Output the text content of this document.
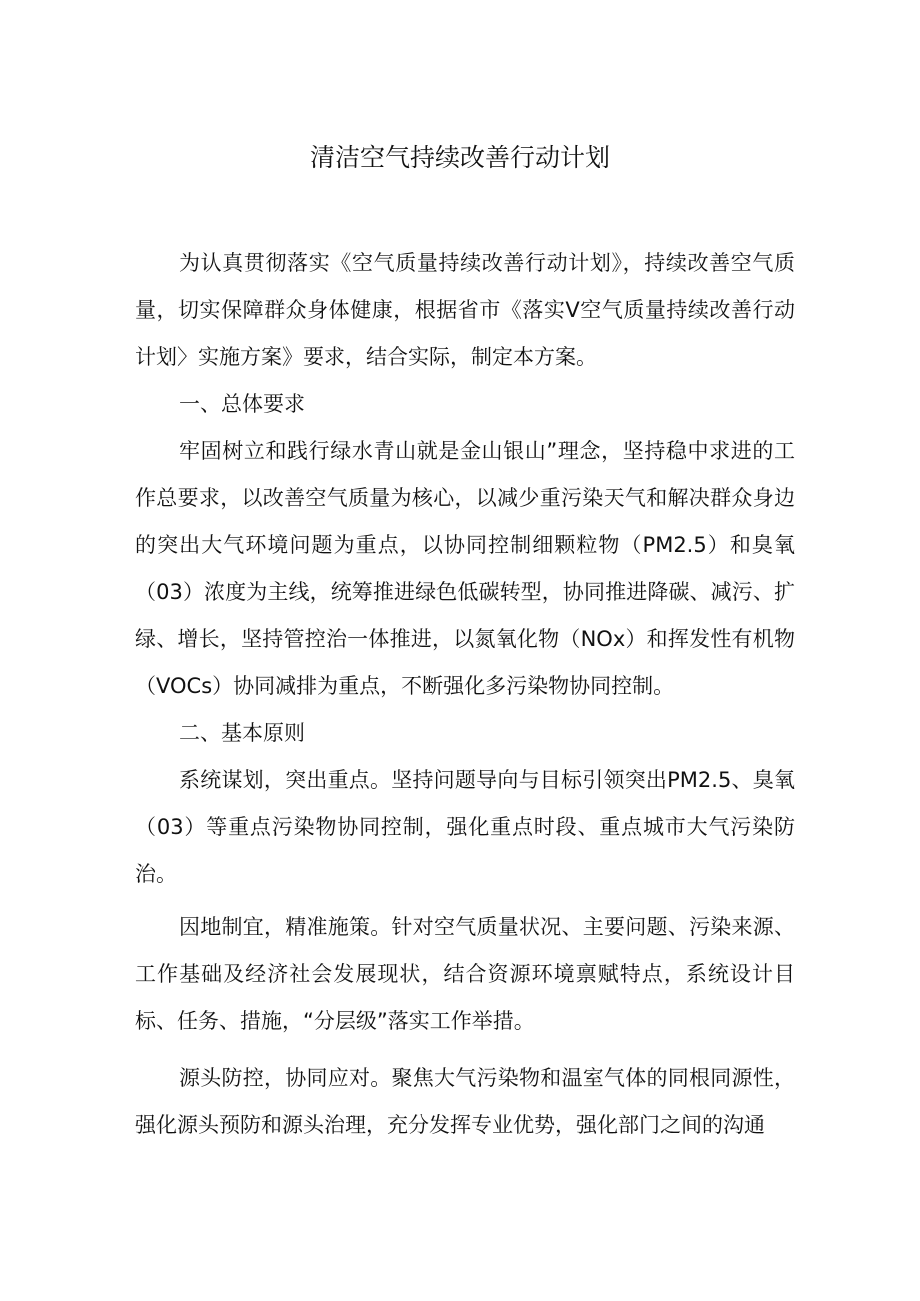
清洁空气持续改善行动计划

为认真贯彻落实《空气质量持续改善行动计划》，持续改善空气质量，切实保障群众身体健康，根据省市《落实V空气质量持续改善行动计划〉实施方案》要求，结合实际，制定本方案。

一、总体要求

牢固树立和践行绿水青山就是金山银山”理念，坚持稳中求进的工作总要求，以改善空气质量为核心，以减少重污染天气和解决群众身边的突出大气环境问题为重点，以协同控制细颗粒物（PM2.5）和臭氧（03）浓度为主线，统筹推进绿色低碳转型，协同推进降碳、减污、扩绿、增长，坚持管控治一体推进，以氮氧化物（NOx）和挥发性有机物（VOCs）协同减排为重点，不断强化多污染物协同控制。

二、基本原则

系统谋划，突出重点。坚持问题导向与目标引领突出PM2.5、臭氧（03）等重点污染物协同控制，强化重点时段、重点城市大气污染防治。

因地制宜，精准施策。针对空气质量状况、主要问题、污染来源、工作基础及经济社会发展现状，结合资源环境禀赋特点，系统设计目标、任务、措施，“分层级”落实工作举措。

源头防控，协同应对。聚焦大气污染物和温室气体的同根同源性，强化源头预防和源头治理，充分发挥专业优势，强化部门之间的沟通
